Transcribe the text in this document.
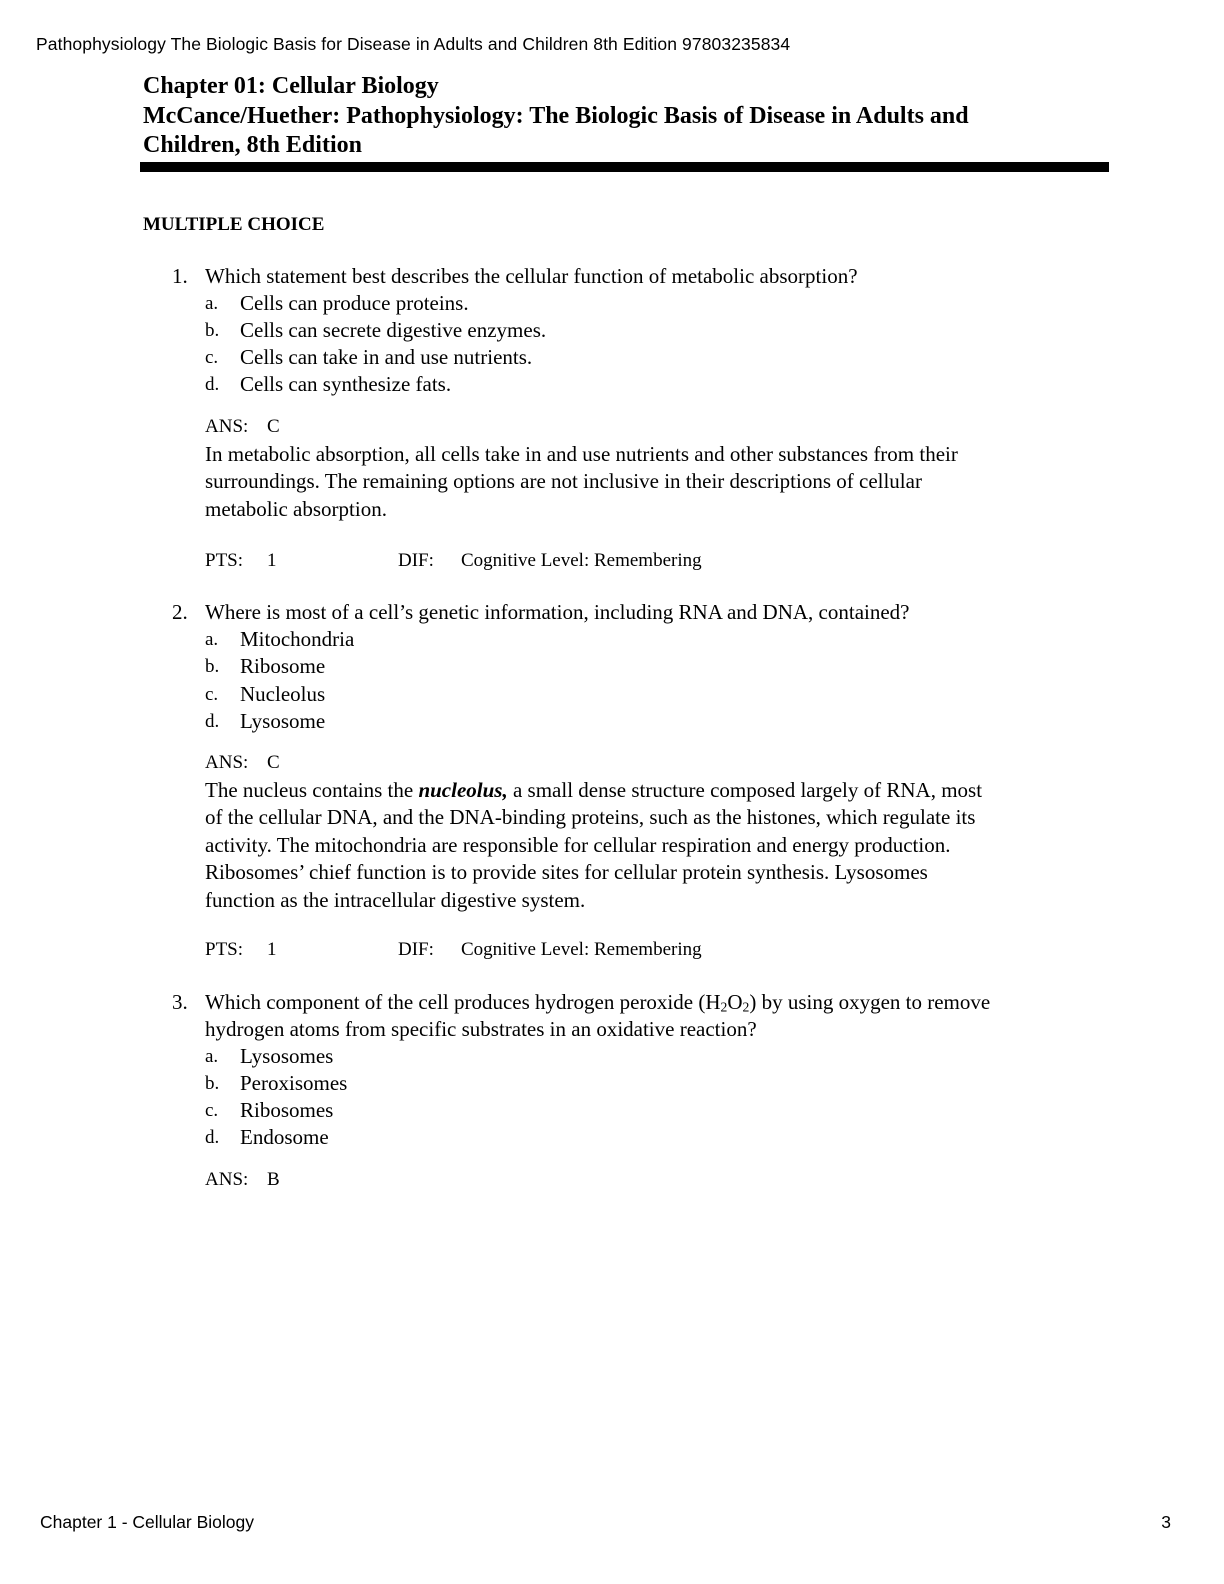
Pathophysiology The Biologic Basis for Disease in Adults and Children 8th Edition 97803235834
Chapter 01: Cellular Biology
McCance/Huether: Pathophysiology: The Biologic Basis of Disease in Adults and
Children, 8th Edition
MULTIPLE CHOICE
1. Which statement best describes the cellular function of metabolic absorption?
a. Cells can produce proteins.
b. Cells can secrete digestive enzymes.
c. Cells can take in and use nutrients.
d. Cells can synthesize fats.
ANS: C
In metabolic absorption, all cells take in and use nutrients and other substances from their
surroundings. The remaining options are not inclusive in their descriptions of cellular
metabolic absorption.
PTS: 1	DIF: Cognitive Level: Remembering
2. Where is most of a cell’s genetic information, including RNA and DNA, contained?
a. Mitochondria
b. Ribosome
c. Nucleolus
d. Lysosome
ANS: C
The nucleus contains the nucleolus, a small dense structure composed largely of RNA, most
of the cellular DNA, and the DNA-binding proteins, such as the histones, which regulate its
activity. The mitochondria are responsible for cellular respiration and energy production.
Ribosomes’ chief function is to provide sites for cellular protein synthesis. Lysosomes
function as the intracellular digestive system.
PTS: 1	DIF: Cognitive Level: Remembering
3. Which component of the cell produces hydrogen peroxide $(H_2O_2)$ by using oxygen to remove
hydrogen atoms from specific substrates in an oxidative reaction?
a. Lysosomes
b. Peroxisomes
c. Ribosomes
d. Endosome
ANS: B
Chapter 1 - Cellular Biology	3
